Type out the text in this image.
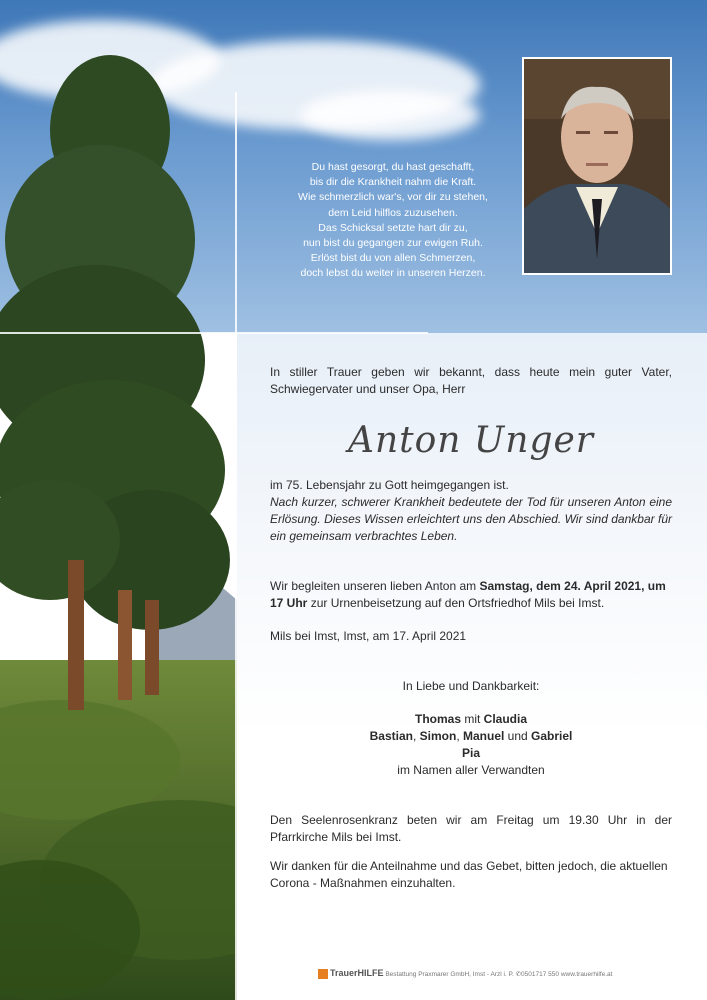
Du hast gesorgt, du hast geschafft,
bis dir die Krankheit nahm die Kraft.
Wie schmerzlich war's, vor dir zu stehen,
dem Leid hilflos zuzusehen.
Das Schicksal setzte hart dir zu,
nun bist du gegangen zur ewigen Ruh.
Erlöst bist du von allen Schmerzen,
doch lebst du weiter in unseren Herzen.
In stiller Trauer geben wir bekannt, dass heute mein guter Vater, Schwiegervater und unser Opa, Herr
Anton Unger
im 75. Lebensjahr zu Gott heimgegangen ist.
Nach kurzer, schwerer Krankheit bedeutete der Tod für unseren Anton eine Erlösung. Dieses Wissen erleichtert uns den Abschied. Wir sind dankbar für ein gemeinsam verbrachtes Leben.
Wir begleiten unseren lieben Anton am Samstag, dem 24. April 2021, um 17 Uhr zur Urnenbeisetzung auf den Ortsfriedhof Mils bei Imst.
Mils bei Imst, Imst, am 17. April 2021
In Liebe und Dankbarkeit:
Thomas mit Claudia
Bastian, Simon, Manuel und Gabriel
Pia
im Namen aller Verwandten
Den Seelenrosenkranz beten wir am Freitag um 19.30 Uhr in der Pfarrkirche Mils bei Imst.
Wir danken für die Anteilnahme und das Gebet, bitten jedoch, die aktuellen Corona - Maßnahmen einzuhalten.
TrauerHILFE Bestattung Praxmarer GmbH, Imst - Arzl i. P. ✆0501717 550 www.trauerhilfe.at
